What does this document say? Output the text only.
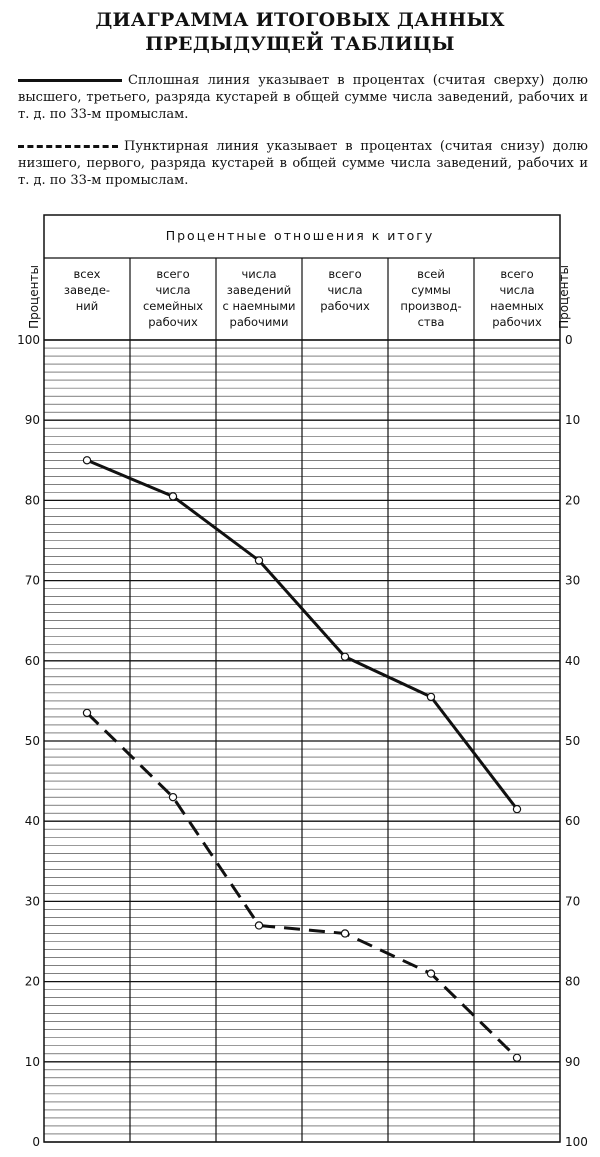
ДИАГРАММА ИТОГОВЫХ ДАННЫХ
ПРЕДЫДУЩЕЙ ТАБЛИЦЫ
Сплошная линия указывает в процентах (считая сверху) долю высшего, третьего, разряда кустарей в общей сумме числа заведений, рабочих и т. д. по 33-м промыслам.
Пунктирная линия указывает в процентах (считая снизу) долю низшего, первого, разряда кустарей в общей сумме числа заведений, рабочих и т. д. по 33-м промыслам.
Процентные отношения к итогу
всех заведе-ний
всего числа семейных рабочих
числа заведений с наемными рабочими
всего числа рабочих
всей суммы производ-ства
всего числа наемных рабочих
Проценты	Проценты
0
10
20
30
40
50
60
70
80
90
100
100
90
80
70
60
50
40
30
20
10
0
